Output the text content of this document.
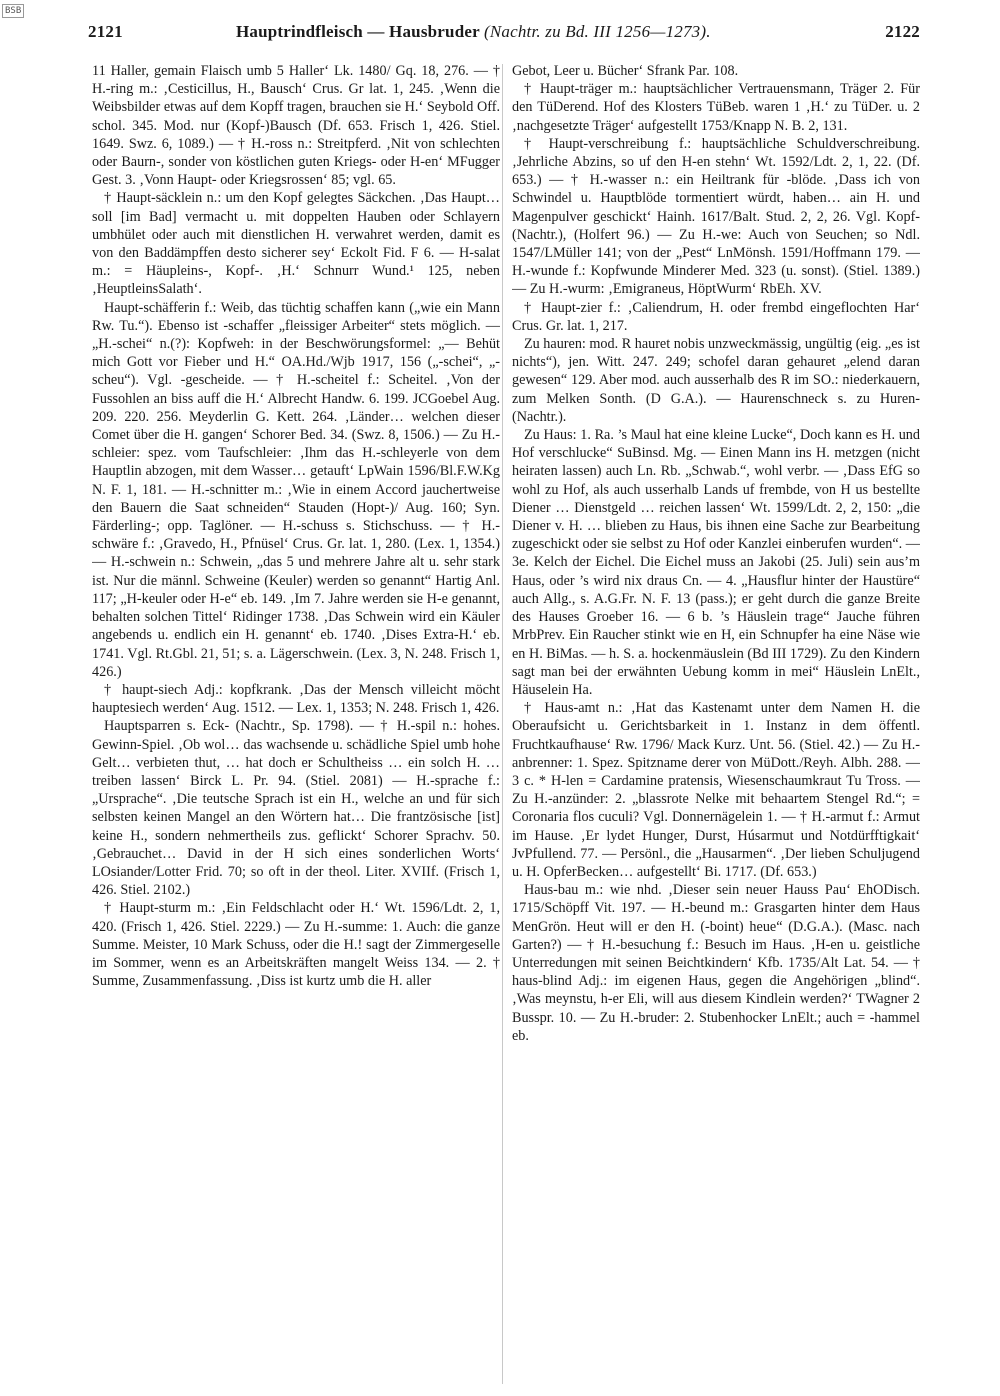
BSB
2121	Hauptrindfleisch — Hausbruder (Nachtr. zu Bd. III 1256—1273).	2122

11 Haller, gemain Flaisch umb 5 Haller‘ Lk. 1480/ Gq. 18, 276. — † H.-ring m.: ‚Cesticillus, H., Bausch‘ Crus. Gr lat. 1, 245. ‚Wenn die Weibsbilder etwas auf dem Kopff tragen, brauchen sie H.‘ Seybold Off. schol. 345. Mod. nur (Kopf-)Bausch (Df. 653. Frisch 1, 426. Stiel. 1649. Swz. 6, 1089.) — † H.-ross n.: Streitpferd. ‚Nit von schlechten oder Baurn-, sonder von köstlichen guten Kriegs- oder H-en‘ MFugger Gest. 3. ‚Vonn Haupt- oder Kriegsrossen‘ 85; vgl. 65.

† Haupt-säcklein n.: um den Kopf gelegtes Säckchen. ‚Das Haupt… soll [im Bad] vermacht u. mit doppelten Hauben oder Schlayern umbhület oder auch mit dienstlichen H. verwahret werden, damit es von den Baddämpffen desto sicherer sey‘ Eckolt Fid. F 6. — H-salat m.: = Häupleins-, Kopf-. ‚H.‘ Schnurr Wund.¹ 125, neben ‚HeuptleinsSalath‘.

Haupt-schäfferin f.: Weib, das tüchtig schaffen kann („wie ein Mann Rw. Tu.“). Ebenso ist -schaffer „fleissiger Arbeiter“ stets möglich. — „H.-schei“ n.(?): Kopfweh: in der Beschwörungsformel: „— Behüt mich Gott vor Fieber und H.“ OA.Hd./Wjb 1917, 156 („-schei“, „-scheu“). Vgl. -gescheide. — † H.-scheitel f.: Scheitel. ‚Von der Fussohlen an biss auff die H.‘ Albrecht Handw. 6. 199. JCGoebel Aug. 209. 220. 256. Meyderlin G. Kett. 264. ‚Länder… welchen dieser Comet über die H. gangen‘ Schorer Bed. 34. (Swz. 8, 1506.) — Zu H.-schleier: spez. vom Taufschleier: ‚Ihm das H.-schleyerle von dem Hauptlin abzogen, mit dem Wasser… getauft‘ LpWain 1596/Bl.F.W.Kg N. F. 1, 181. — H.-schnitter m.: ‚Wie in einem Accord jauchertweise den Bauern die Saat schneiden“ Stauden (Hopt-)/ Aug. 160; Syn. Färderling-; opp. Taglöner. — H.-schuss s. Stichschuss. — † H.-schwäre f.: ‚Gravedo, H., Pfnüsel‘ Crus. Gr. lat. 1, 280. (Lex. 1, 1354.) — H.-schwein n.: Schwein, „das 5 und mehrere Jahre alt u. sehr stark ist. Nur die männl. Schweine (Keuler) werden so genannt“ Hartig Anl. 117; „H-keuler oder H-e“ eb. 149. ‚Im 7. Jahre werden sie H-e genannt, behalten solchen Tittel‘ Ridinger 1738. ‚Das Schwein wird ein Käuler angebends u. endlich ein H. genannt‘ eb. 1740. ‚Dises Extra-H.‘ eb. 1741. Vgl. Rt.Gbl. 21, 51; s. a. Lägerschwein. (Lex. 3, N. 248. Frisch 1, 426.)

† haupt-siech Adj.: kopfkrank. ‚Das der Mensch villeicht möcht hauptesiech werden‘ Aug. 1512. — Lex. 1, 1353; N. 248. Frisch 1, 426.

Hauptsparren s. Eck- (Nachtr., Sp. 1798). — † H.-spil n.: hohes. Gewinn-Spiel. ‚Ob wol… das wachsende u. schädliche Spiel umb hohe Gelt… verbieten thut, … hat doch er Schultheiss … ein solch H. … treiben lassen‘ Birck L. Pr. 94. (Stiel. 2081) — H.-sprache f.: „Ursprache“. ‚Die teutsche Sprach ist ein H., welche an und für sich selbsten keinen Mangel an den Wörtern hat… Die frantzösische [ist] keine H., sondern nehmertheils zus. geflickt‘ Schorer Sprachv. 50. ‚Gebrauchet… David in der H sich eines sonderlichen Worts‘ LOsiander/Lotter Frid. 70; so oft in der theol. Liter. XVIIf. (Frisch 1, 426. Stiel. 2102.)

† Haupt-sturm m.: ‚Ein Feldschlacht oder H.‘ Wt. 1596/Ldt. 2, 1, 420. (Frisch 1, 426. Stiel. 2229.) — Zu H.-summe: 1. Auch: die ganze Summe. Meister, 10 Mark Schuss, oder die H.! sagt der Zimmergeselle im Sommer, wenn es an Arbeitskräften mangelt Weiss 134. — 2. † Summe, Zusammenfassung. ‚Diss ist kurtz umb die H. aller

Gebot, Leer u. Bücher‘ Sfrank Par. 108.

† Haupt-träger m.: hauptsächlicher Vertrauensmann, Träger 2. Für den TüDerend. Hof des Klosters TüBeb. waren 1 ‚H.‘ zu TüDer. u. 2 ‚nachgesetzte Träger‘ aufgestellt 1753/Knapp N. B. 2, 131.

† Haupt-verschreibung f.: hauptsächliche Schuldverschreibung. ‚Jehrliche Abzins, so uf den H-en stehn‘ Wt. 1592/Ldt. 2, 1, 22. (Df. 653.) — † H.-wasser n.: ein Heiltrank für -blöde. ‚Dass ich von Schwindel u. Hauptblöde tormentiert würdt, haben… ain H. und Magenpulver geschickt‘ Hainh. 1617/Balt. Stud. 2, 2, 26. Vgl. Kopf- (Nachtr.), (Holfert 96.) — Zu H.-we: Auch von Seuchen; so Ndl. 1547/LMüller 141; von der „Pest“ LnMönsh. 1591/Hoffmann 179. — H.-wunde f.: Kopfwunde Minderer Med. 323 (u. sonst). (Stiel. 1389.) — Zu H.-wurm: ‚Emigraneus, HöptWurm‘ RbEh. XV.

† Haupt-zier f.: ‚Caliendrum, H. oder frembd eingeflochten Har‘ Crus. Gr. lat. 1, 217.

Zu hauren: mod. R hauret nobis unzweckmässig, ungültig (eig. „es ist nichts“), jen. Witt. 247. 249; schofel daran gehauret „elend daran gewesen“ 129. Aber mod. auch ausserhalb des R im SO.: niederkauern, zum Melken Sonth. (D G.A.). — Haurenschneck s. zu Huren- (Nachtr.).

Zu Haus: 1. Ra. ’s Maul hat eine kleine Lucke“, Doch kann es H. und Hof verschlucke“ SuBinsd. Mg. — Einen Mann ins H. metzgen (nicht heiraten lassen) auch Ln. Rb. „Schwab.“, wohl verbr. — ‚Dass EfG so wohl zu Hof, als auch usserhalb Lands uf frembde, von H us bestellte Diener … Dienstgeld … reichen lassen‘ Wt. 1599/Ldt. 2, 2, 150: „die Diener v. H. … blieben zu Haus, bis ihnen eine Sache zur Bearbeitung zugeschickt oder sie selbst zu Hof oder Kanzlei einberufen wurden“. — 3e. Kelch der Eichel. Die Eichel muss an Jakobi (25. Juli) sein aus’m Haus, oder ’s wird nix draus Cn. — 4. „Hausflur hinter der Haustüre“ auch Allg., s. A.G.Fr. N. F. 13 (pass.); er geht durch die ganze Breite des Hauses Groeber 16. — 6 b. ’s Häuslein trage“ Jauche führen MrbPrev. Ein Raucher stinkt wie en H, ein Schnupfer ha eine Näse wie en H. BiMas. — h. S. a. hockenmäuslein (Bd III 1729). Zu den Kindern sagt man bei der erwähnten Uebung komm in mei“ Häuslein LnElt., Häuselein Ha.

† Haus-amt n.: ‚Hat das Kastenamt unter dem Namen H. die Oberaufsicht u. Gerichtsbarkeit in 1. Instanz in dem öffentl. Fruchtkaufhause‘ Rw. 1796/ Mack Kurz. Unt. 56. (Stiel. 42.) — Zu H.-anbrenner: 1. Spez. Spitzname derer von MüDott./Reyh. Albh. 288. — 3 c. * H-len = Cardamine pratensis, Wiesenschaumkraut Tu Tross. — Zu H.-anzünder: 2. „blassrote Nelke mit behaartem Stengel Rd.“; = Coronaria flos cuculi? Vgl. Donnernägelein 1. — † H.-armut f.: Armut im Hause. ‚Er lydet Hunger, Durst, Húsarmut und Notdürfftigkait‘ JvPfullend. 77. — Persönl., die „Hausarmen“. ‚Der lieben Schuljugend u. H. OpferBecken… aufgestellt‘ Bi. 1717. (Df. 653.)

Haus-bau m.: wie nhd. ‚Dieser sein neuer Hauss Pau‘ EhODisch. 1715/Schöpff Vit. 197. — H.-beund m.: Grasgarten hinter dem Haus MenGrön. Heut will er den H. (-boint) heue“ (D.G.A.). (Masc. nach Garten?) — † H.-besuchung f.: Besuch im Haus. ‚H-en u. geistliche Unterredungen mit seinen Beichtkindern‘ Kfb. 1735/Alt Lat. 54. — † haus-blind Adj.: im eigenen Haus, gegen die Angehörigen „blind“. ‚Was meynstu, h-er Eli, will aus diesem Kindlein werden?‘ TWagner 2 Busspr. 10. — Zu H.-bruder: 2. Stubenhocker LnElt.; auch = -hammel eb.
